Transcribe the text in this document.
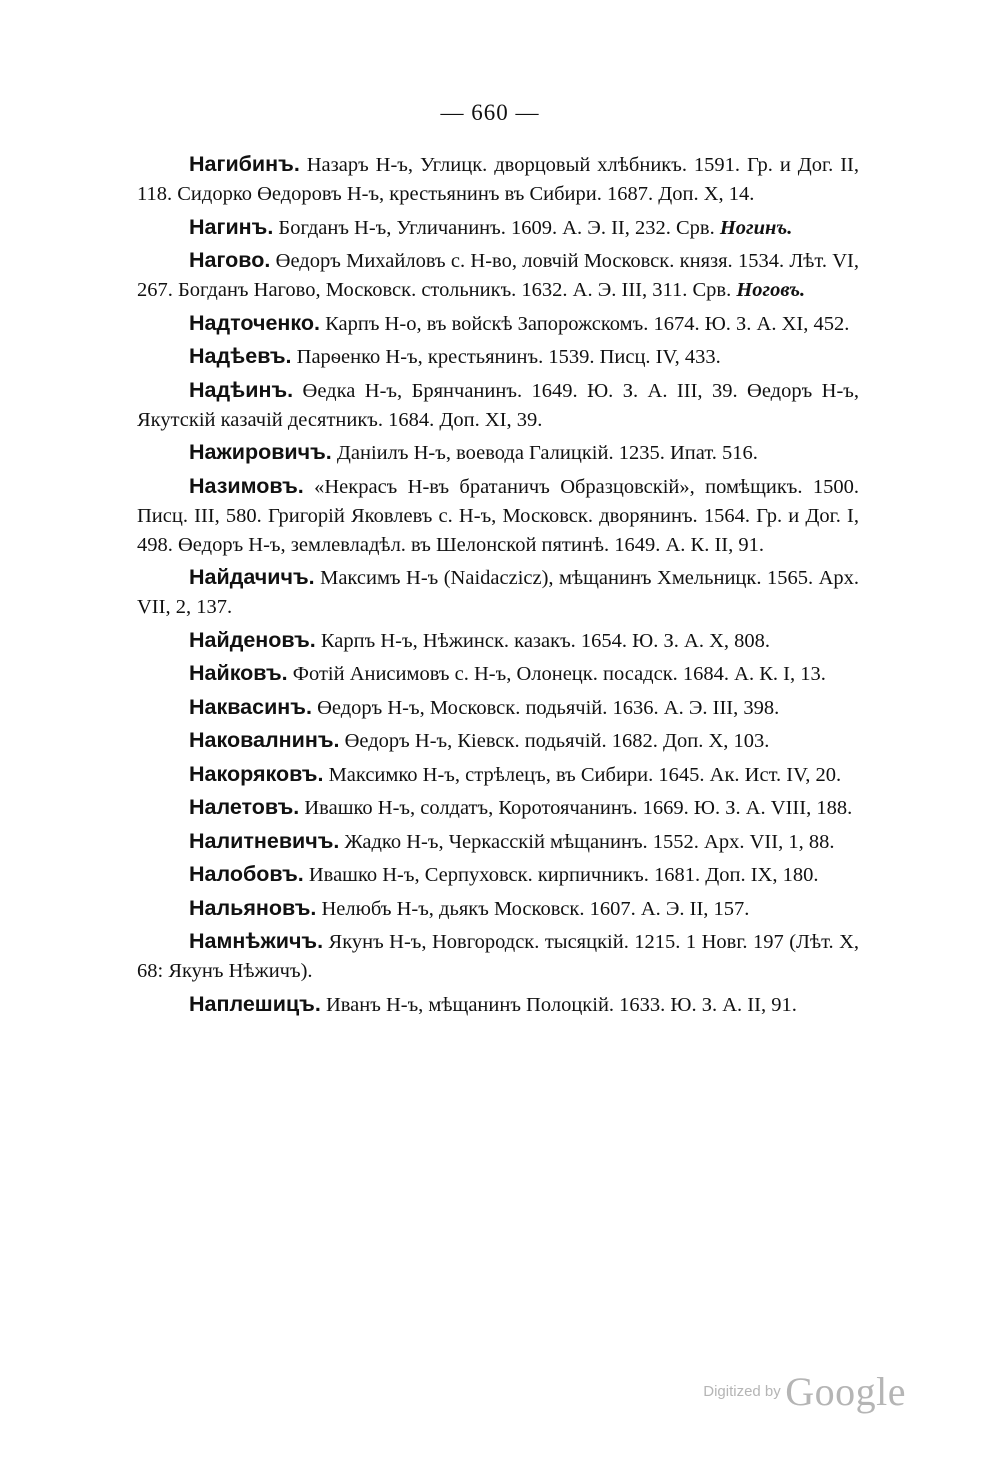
— 660 —

Нагибинъ. Назаръ Н-ъ, Углицк. дворцовый хлѣбникъ. 1591. Гр. и Дог. II, 118. Сидорко Өедоровъ Н-ъ, крестьянинъ въ Сибири. 1687. Доп. X, 14.

Нагинъ. Богданъ Н-ъ, Угличанинъ. 1609. А. Э. II, 232. Срв. Ногинъ.

Нагово. Өедоръ Михайловъ с. Н-во, ловчій Московск. князя. 1534. Лѣт. VI, 267. Богданъ Нагово, Московск. стольникъ. 1632. А. Э. III, 311. Срв. Ноговъ.

Надточенко. Карпъ Н-о, въ войскѣ Запорожскомъ. 1674. Ю. З. А. XI, 452.

Надѣевъ. Парѳенко Н-ъ, крестьянинъ. 1539. Писц. IV, 433.

Надѣинъ. Өедка Н-ъ, Брянчанинъ. 1649. Ю. З. А. III, 39. Өедоръ Н-ъ, Якутскій казачій десятникъ. 1684. Доп. XI, 39.

Нажировичъ. Даніилъ Н-ъ, воевода Галицкій. 1235. Ипат. 516.

Назимовъ. «Некрасъ Н-въ братаничъ Образцовскій», помѣщикъ. 1500. Писц. III, 580. Григорій Яковлевъ с. Н-ъ, Московск. дворянинъ. 1564. Гр. и Дог. I, 498. Өедоръ Н-ъ, землевладѣл. въ Шелонской пятинѣ. 1649. А. К. II, 91.

Найдачичъ. Максимъ Н-ъ (Naidaczicz), мѣщанинъ Хмельницк. 1565. Арх. VII, 2, 137.

Найденовъ. Карпъ Н-ъ, Нѣжинск. казакъ. 1654. Ю. З. А. X, 808.

Найковъ. Фотій Анисимовъ с. Н-ъ, Олонецк. посадск. 1684. А. К. I, 13.

Наквасинъ. Өедоръ Н-ъ, Московск. подьячій. 1636. А. Э. III, 398.

Наковалнинъ. Өедоръ Н-ъ, Кіевск. подьячій. 1682. Доп. X, 103.

Накоряковъ. Максимко Н-ъ, стрѣлецъ, въ Сибири. 1645. Ак. Ист. IV, 20.

Налетовъ. Ивашко Н-ъ, солдатъ, Коротоячанинъ. 1669. Ю. З. А. VIII, 188.

Налитневичъ. Жадко Н-ъ, Черкасскій мѣщанинъ. 1552. Арх. VII, 1, 88.

Налобовъ. Ивашко Н-ъ, Серпуховск. кирпичникъ. 1681. Доп. IX, 180.

Нальяновъ. Нелюбъ Н-ъ, дьякъ Московск. 1607. А. Э. II, 157.

Намнѣжичъ. Якунъ Н-ъ, Новгородск. тысяцкій. 1215. 1 Новг. 197 (Лѣт. X, 68: Якунъ Нѣжичъ).

Наплешицъ. Иванъ Н-ъ, мѣщанинъ Полоцкій. 1633. Ю. З. А. II, 91.

Digitized by Google
